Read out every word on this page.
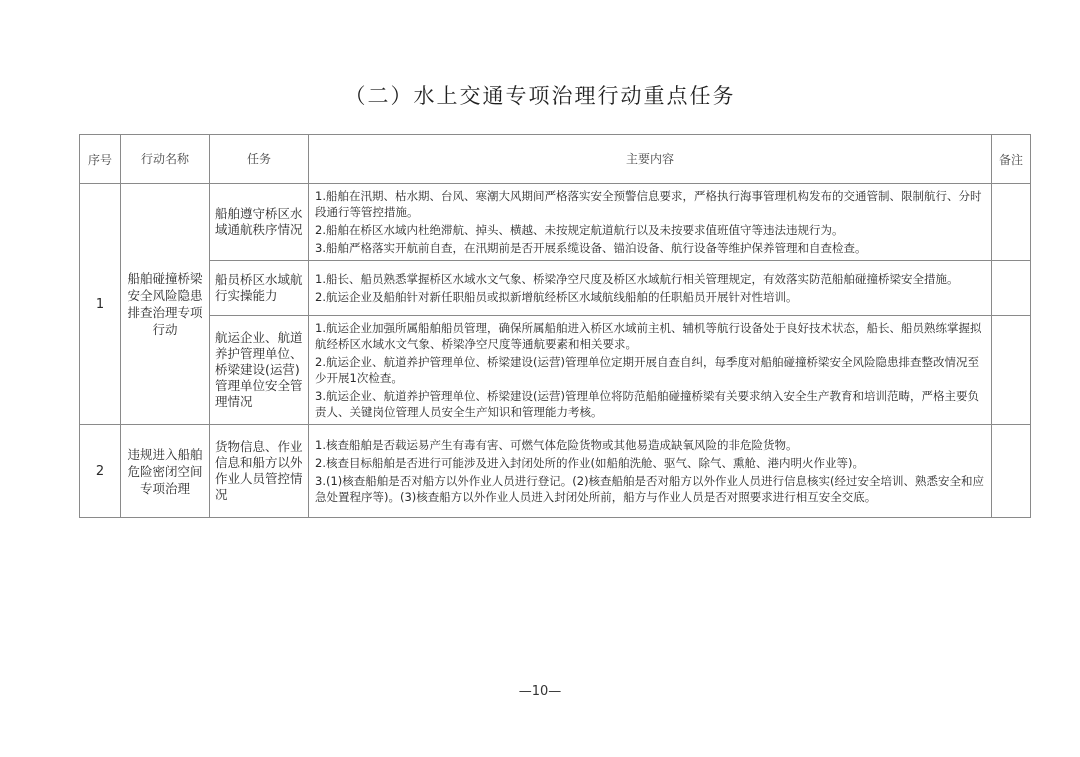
（二）水上交通专项治理行动重点任务
序号	行动名称	任务	主要内容	备注
1	船舶碰撞桥梁安全风险隐患排查治理专项行动	船舶遵守桥区水域通航秩序情况	1.船舶在汛期、枯水期、台风、寒潮大风期间严格落实安全预警信息要求，严格执行海事管理机构发布的交通管制、限制航行、分时段通行等管控措施。
2.船舶在桥区水域内杜绝滞航、掉头、横越、未按规定航道航行以及未按要求值班值守等违法违规行为。
3.船舶严格落实开航前自查，在汛期前是否开展系缆设备、锚泊设备、航行设备等维护保养管理和自查检查。	

		船员桥区水域航行实操能力	1.船长、船员熟悉掌握桥区水域水文气象、桥梁净空尺度及桥区水域航行相关管理规定，有效落实防范船舶碰撞桥梁安全措施。
2.航运企业及船舶针对新任职船员或拟新增航经桥区水域航线船舶的任职船员开展针对性培训。	

		航运企业、航道养护管理单位、桥梁建设(运营)管理单位安全管理情况	1.航运企业加强所属船舶船员管理，确保所属船舶进入桥区水域前主机、辅机等航行设备处于良好技术状态，船长、船员熟练掌握拟航经桥区水域水文气象、桥梁净空尺度等通航要素和相关要求。
2.航运企业、航道养护管理单位、桥梁建设(运营)管理单位定期开展自查自纠，每季度对船舶碰撞桥梁安全风险隐患排查整改情况至少开展1次检查。
3.航运企业、航道养护管理单位、桥梁建设(运营)管理单位将防范船舶碰撞桥梁有关要求纳入安全生产教育和培训范畴，严格主要负责人、关键岗位管理人员安全生产知识和管理能力考核。	

2	违规进入船舶危险密闭空间专项治理	货物信息、作业信息和船方以外作业人员管控情况	1.核查船舶是否载运易产生有毒有害、可燃气体危险货物或其他易造成缺氧风险的非危险货物。
2.核查目标船舶是否进行可能涉及进入封闭处所的作业(如船舶洗舱、驱气、除气、熏舱、港内明火作业等)。
3.(1)核查船舶是否对船方以外作业人员进行登记。(2)核查船舶是否对船方以外作业人员进行信息核实(经过安全培训、熟悉安全和应急处置程序等)。(3)核查船方以外作业人员进入封闭处所前，船方与作业人员是否对照要求进行相互安全交底。	

—10—
